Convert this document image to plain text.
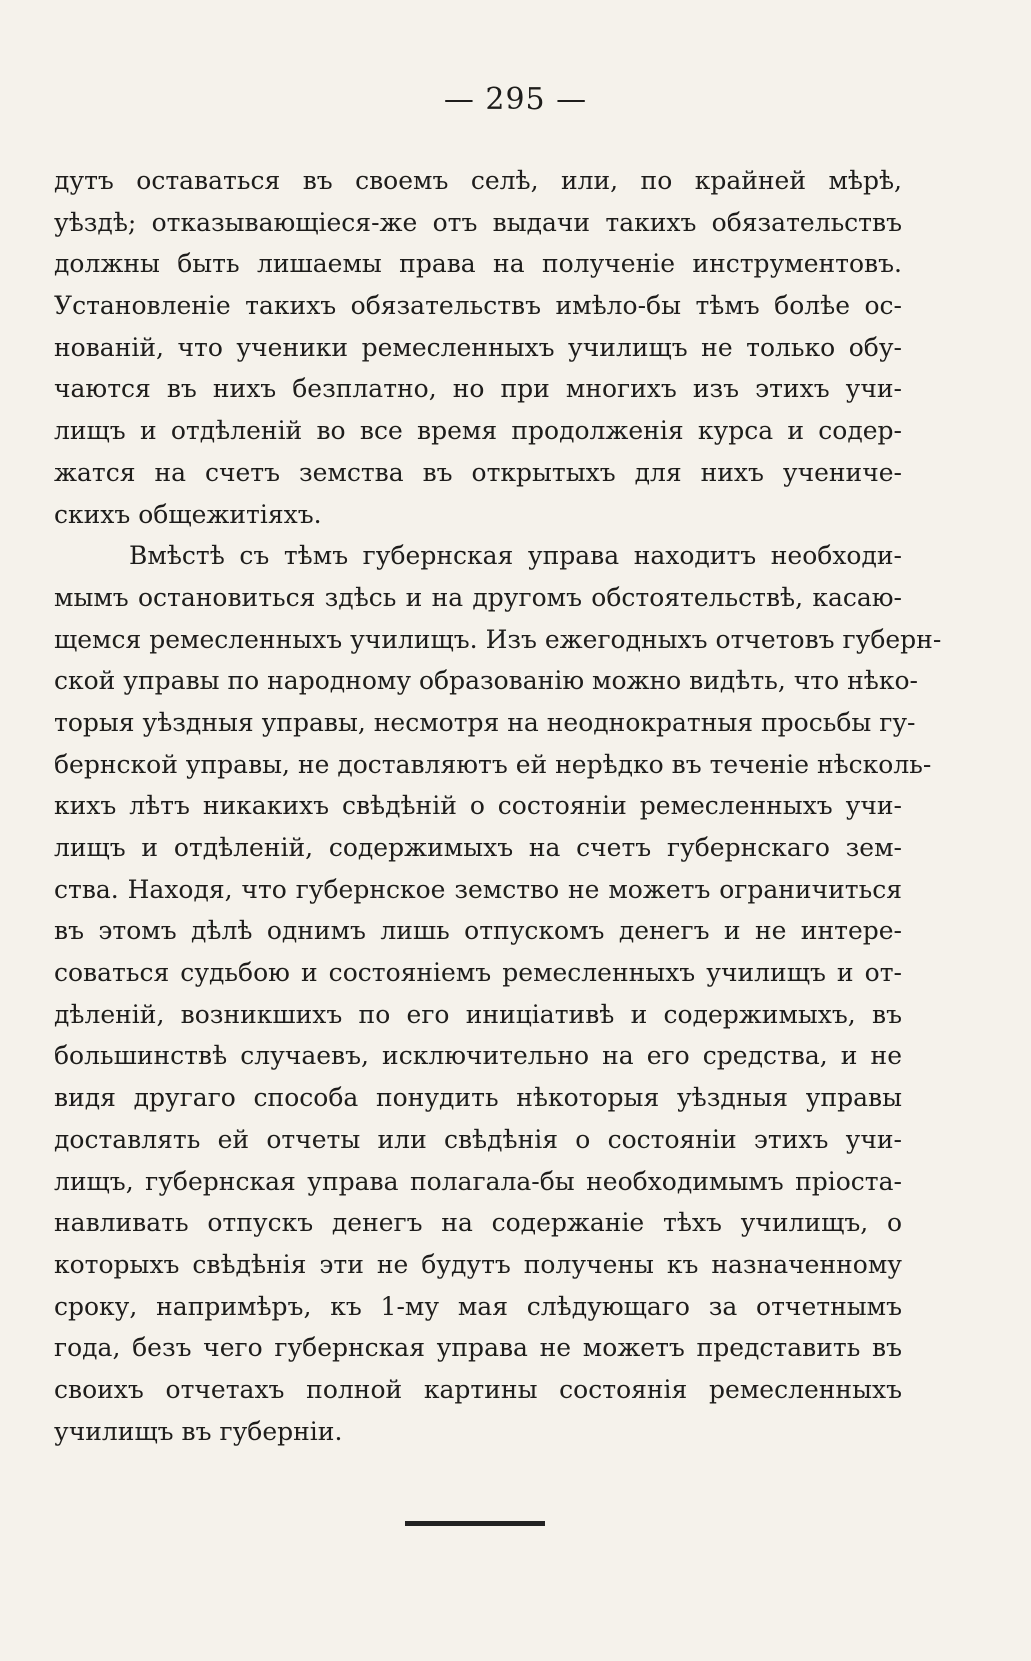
— 295 —
дутъ оставаться въ своемъ селѣ, или, по крайней мѣрѣ,
уѣздѣ; отказывающіеся-же отъ выдачи такихъ обязательствъ
должны быть лишаемы права на полученіе инструментовъ.
Установленіе такихъ обязательствъ имѣло-бы тѣмъ болѣе ос-
нованій, что ученики ремесленныхъ училищъ не только обу-
чаются въ нихъ безплатно, но при многихъ изъ этихъ учи-
лищъ и отдѣленій во все время продолженія курса и содер-
жатся на счетъ земства въ открытыхъ для нихъ учениче-
скихъ общежитіяхъ.
Вмѣстѣ съ тѣмъ губернская управа находитъ необходи-
мымъ остановиться здѣсь и на другомъ обстоятельствѣ, касаю-
щемся ремесленныхъ училищъ. Изъ ежегодныхъ отчетовъ губерн-
ской управы по народному образованію можно видѣть, что нѣко-
торыя уѣздныя управы, несмотря на неоднократныя просьбы гу-
бернской управы, не доставляютъ ей нерѣдко въ теченіе нѣсколь-
кихъ лѣтъ никакихъ свѣдѣній о состояніи ремесленныхъ учи-
лищъ и отдѣленій, содержимыхъ на счетъ губернскаго зем-
ства. Находя, что губернское земство не можетъ ограничиться
въ этомъ дѣлѣ однимъ лишь отпускомъ денегъ и не интере-
соваться судьбою и состояніемъ ремесленныхъ училищъ и от-
дѣленій, возникшихъ по его иниціативѣ и содержимыхъ, въ
большинствѣ случаевъ, исключительно на его средства, и не
видя другаго способа понудить нѣкоторыя уѣздныя управы
доставлять ей отчеты или свѣдѣнія о состояніи этихъ учи-
лищъ, губернская управа полагала-бы необходимымъ пріоста-
навливать отпускъ денегъ на содержаніе тѣхъ училищъ, о
которыхъ свѣдѣнія эти не будутъ получены къ назначенному
сроку, напримѣръ, къ 1-му мая слѣдующаго за отчетнымъ
года, безъ чего губернская управа не можетъ представить въ
своихъ отчетахъ полной картины состоянія ремесленныхъ
училищъ въ губерніи.
